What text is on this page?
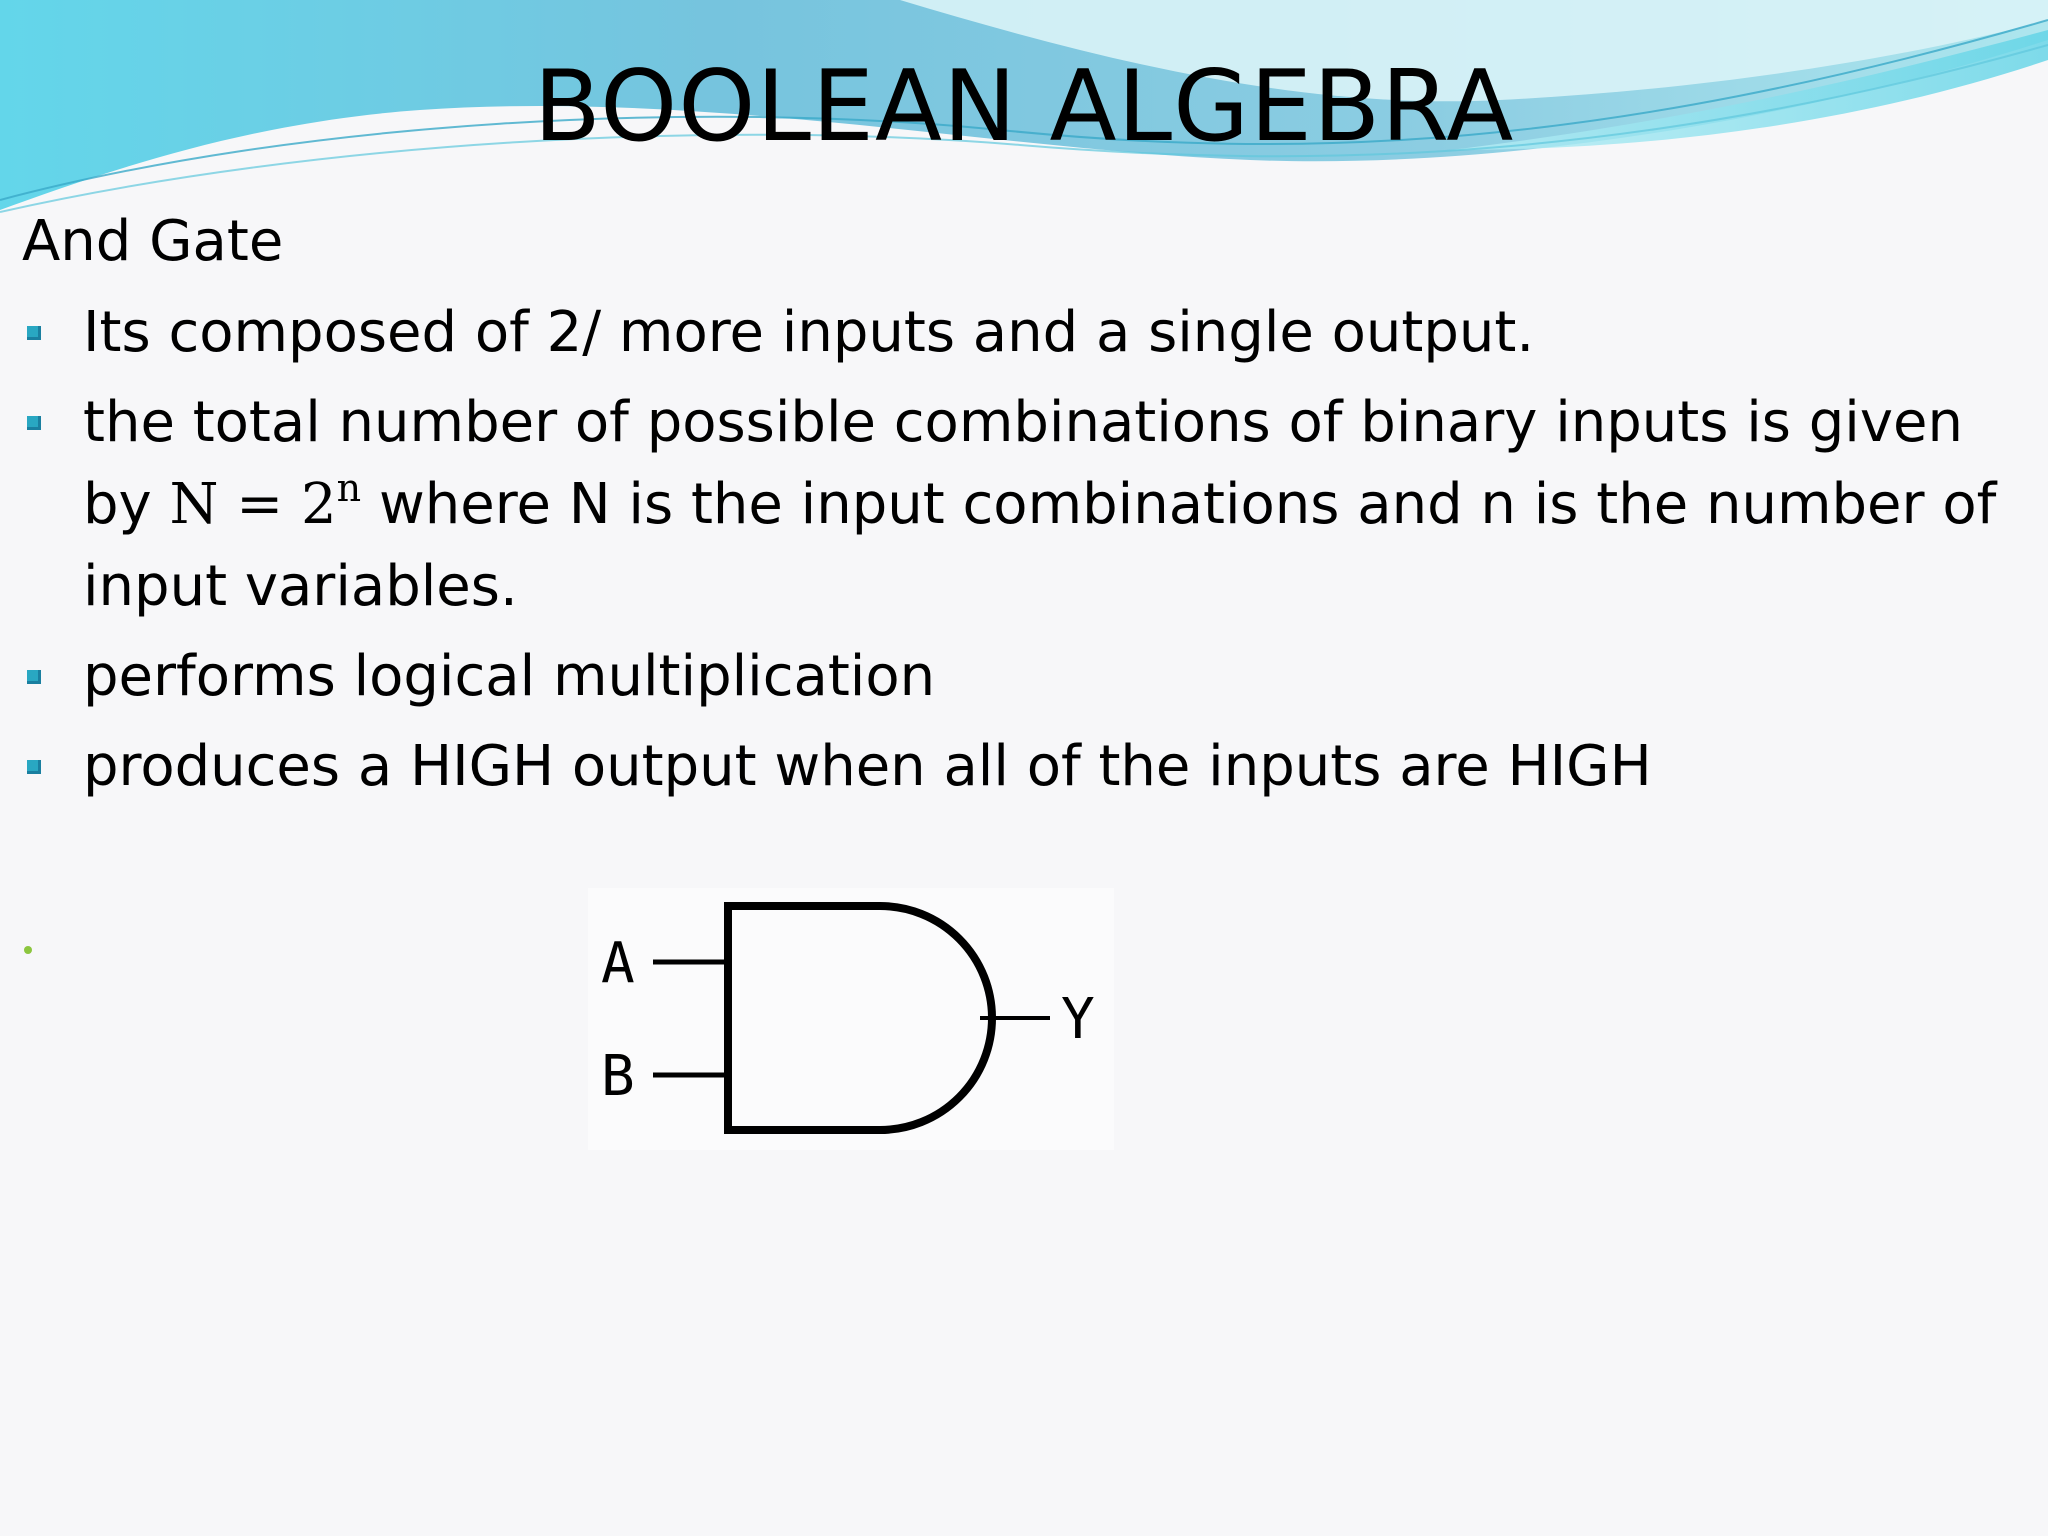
BOOLEAN ALGEBRA

And Gate

Its composed of 2/ more inputs and a single output.
the total number of possible combinations of binary inputs is given by $N = 2^n$ where N is the input combinations and n is the number of input variables.
performs logical multiplication
produces a HIGH output when all of the inputs are HIGH
A
B
Y
